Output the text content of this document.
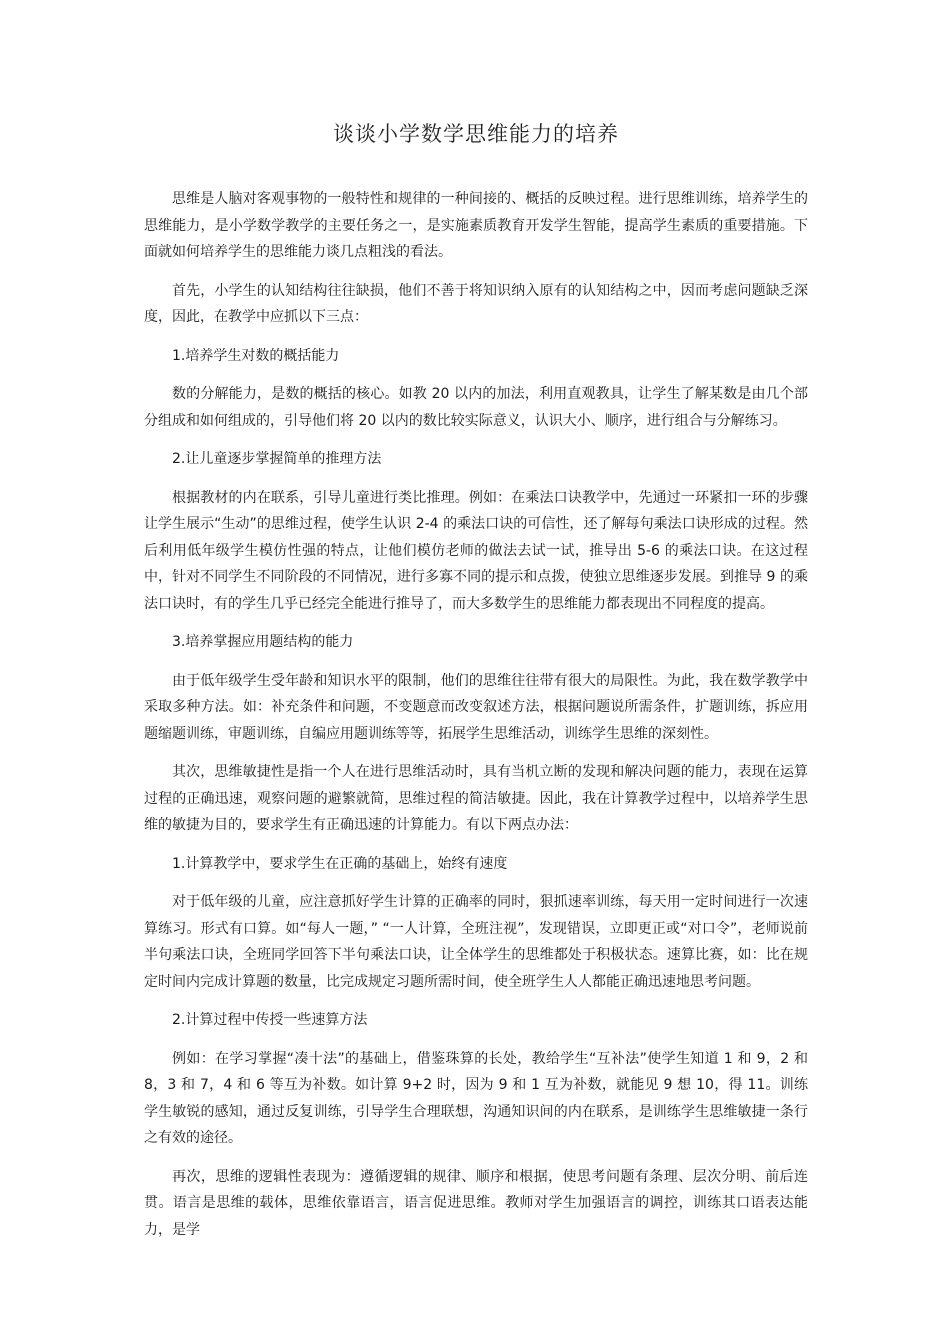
谈谈小学数学思维能力的培养

思维是人脑对客观事物的一般特性和规律的一种间接的、概括的反映过程。进行思维训练，培养学生的思维能力，是小学数学教学的主要任务之一，是实施素质教育开发学生智能，提高学生素质的重要措施。下面就如何培养学生的思维能力谈几点粗浅的看法。

首先，小学生的认知结构往往缺损，他们不善于将知识纳入原有的认知结构之中，因而考虑问题缺乏深度，因此，在教学中应抓以下三点：

1.培养学生对数的概括能力

数的分解能力，是数的概括的核心。如教 20 以内的加法，利用直观教具，让学生了解某数是由几个部分组成和如何组成的，引导他们将 20 以内的数比较实际意义，认识大小、顺序，进行组合与分解练习。

2.让儿童逐步掌握简单的推理方法

根据教材的内在联系，引导儿童进行类比推理。例如：在乘法口诀教学中，先通过一环紧扣一环的步骤让学生展示“生动”的思维过程，使学生认识 2-4 的乘法口诀的可信性，还了解每句乘法口诀形成的过程。然后利用低年级学生模仿性强的特点，让他们模仿老师的做法去试一试，推导出 5-6 的乘法口诀。在这过程中，针对不同学生不同阶段的不同情况，进行多寡不同的提示和点拨，使独立思维逐步发展。到推导 9 的乘法口诀时，有的学生几乎已经完全能进行推导了，而大多数学生的思维能力都表现出不同程度的提高。

3.培养掌握应用题结构的能力

由于低年级学生受年龄和知识水平的限制，他们的思维往往带有很大的局限性。为此，我在数学教学中采取多种方法。如：补充条件和问题，不变题意而改变叙述方法，根据问题说所需条件，扩题训练，拆应用题缩题训练，审题训练，自编应用题训练等等，拓展学生思维活动，训练学生思维的深刻性。

其次，思维敏捷性是指一个人在进行思维活动时，具有当机立断的发现和解决问题的能力，表现在运算过程的正确迅速，观察问题的避繁就简，思维过程的简洁敏捷。因此，我在计算教学过程中，以培养学生思维的敏捷为目的，要求学生有正确迅速的计算能力。有以下两点办法：

1.计算教学中，要求学生在正确的基础上，始终有速度

对于低年级的儿童，应注意抓好学生计算的正确率的同时，狠抓速率训练，每天用一定时间进行一次速算练习。形式有口算。如“每人一题，” “一人计算，全班注视”，发现错误，立即更正或“对口令”，老师说前半句乘法口诀，全班同学回答下半句乘法口诀，让全体学生的思维都处于积极状态。速算比赛，如：比在规定时间内完成计算题的数量，比完成规定习题所需时间，使全班学生人人都能正确迅速地思考问题。

2.计算过程中传授一些速算方法

例如：在学习掌握“凑十法”的基础上，借鉴珠算的长处，教给学生“互补法”使学生知道 1 和 9，2 和 8，3 和 7，4 和 6 等互为补数。如计算 9+2 时，因为 9 和 1 互为补数，就能见 9 想 10，得 11。训练学生敏锐的感知，通过反复训练，引导学生合理联想，沟通知识间的内在联系，是训练学生思维敏捷一条行之有效的途径。

再次，思维的逻辑性表现为：遵循逻辑的规律、顺序和根据，使思考问题有条理、层次分明、前后连贯。语言是思维的载体，思维依靠语言，语言促进思维。教师对学生加强语言的调控，训练其口语表达能力，是学
